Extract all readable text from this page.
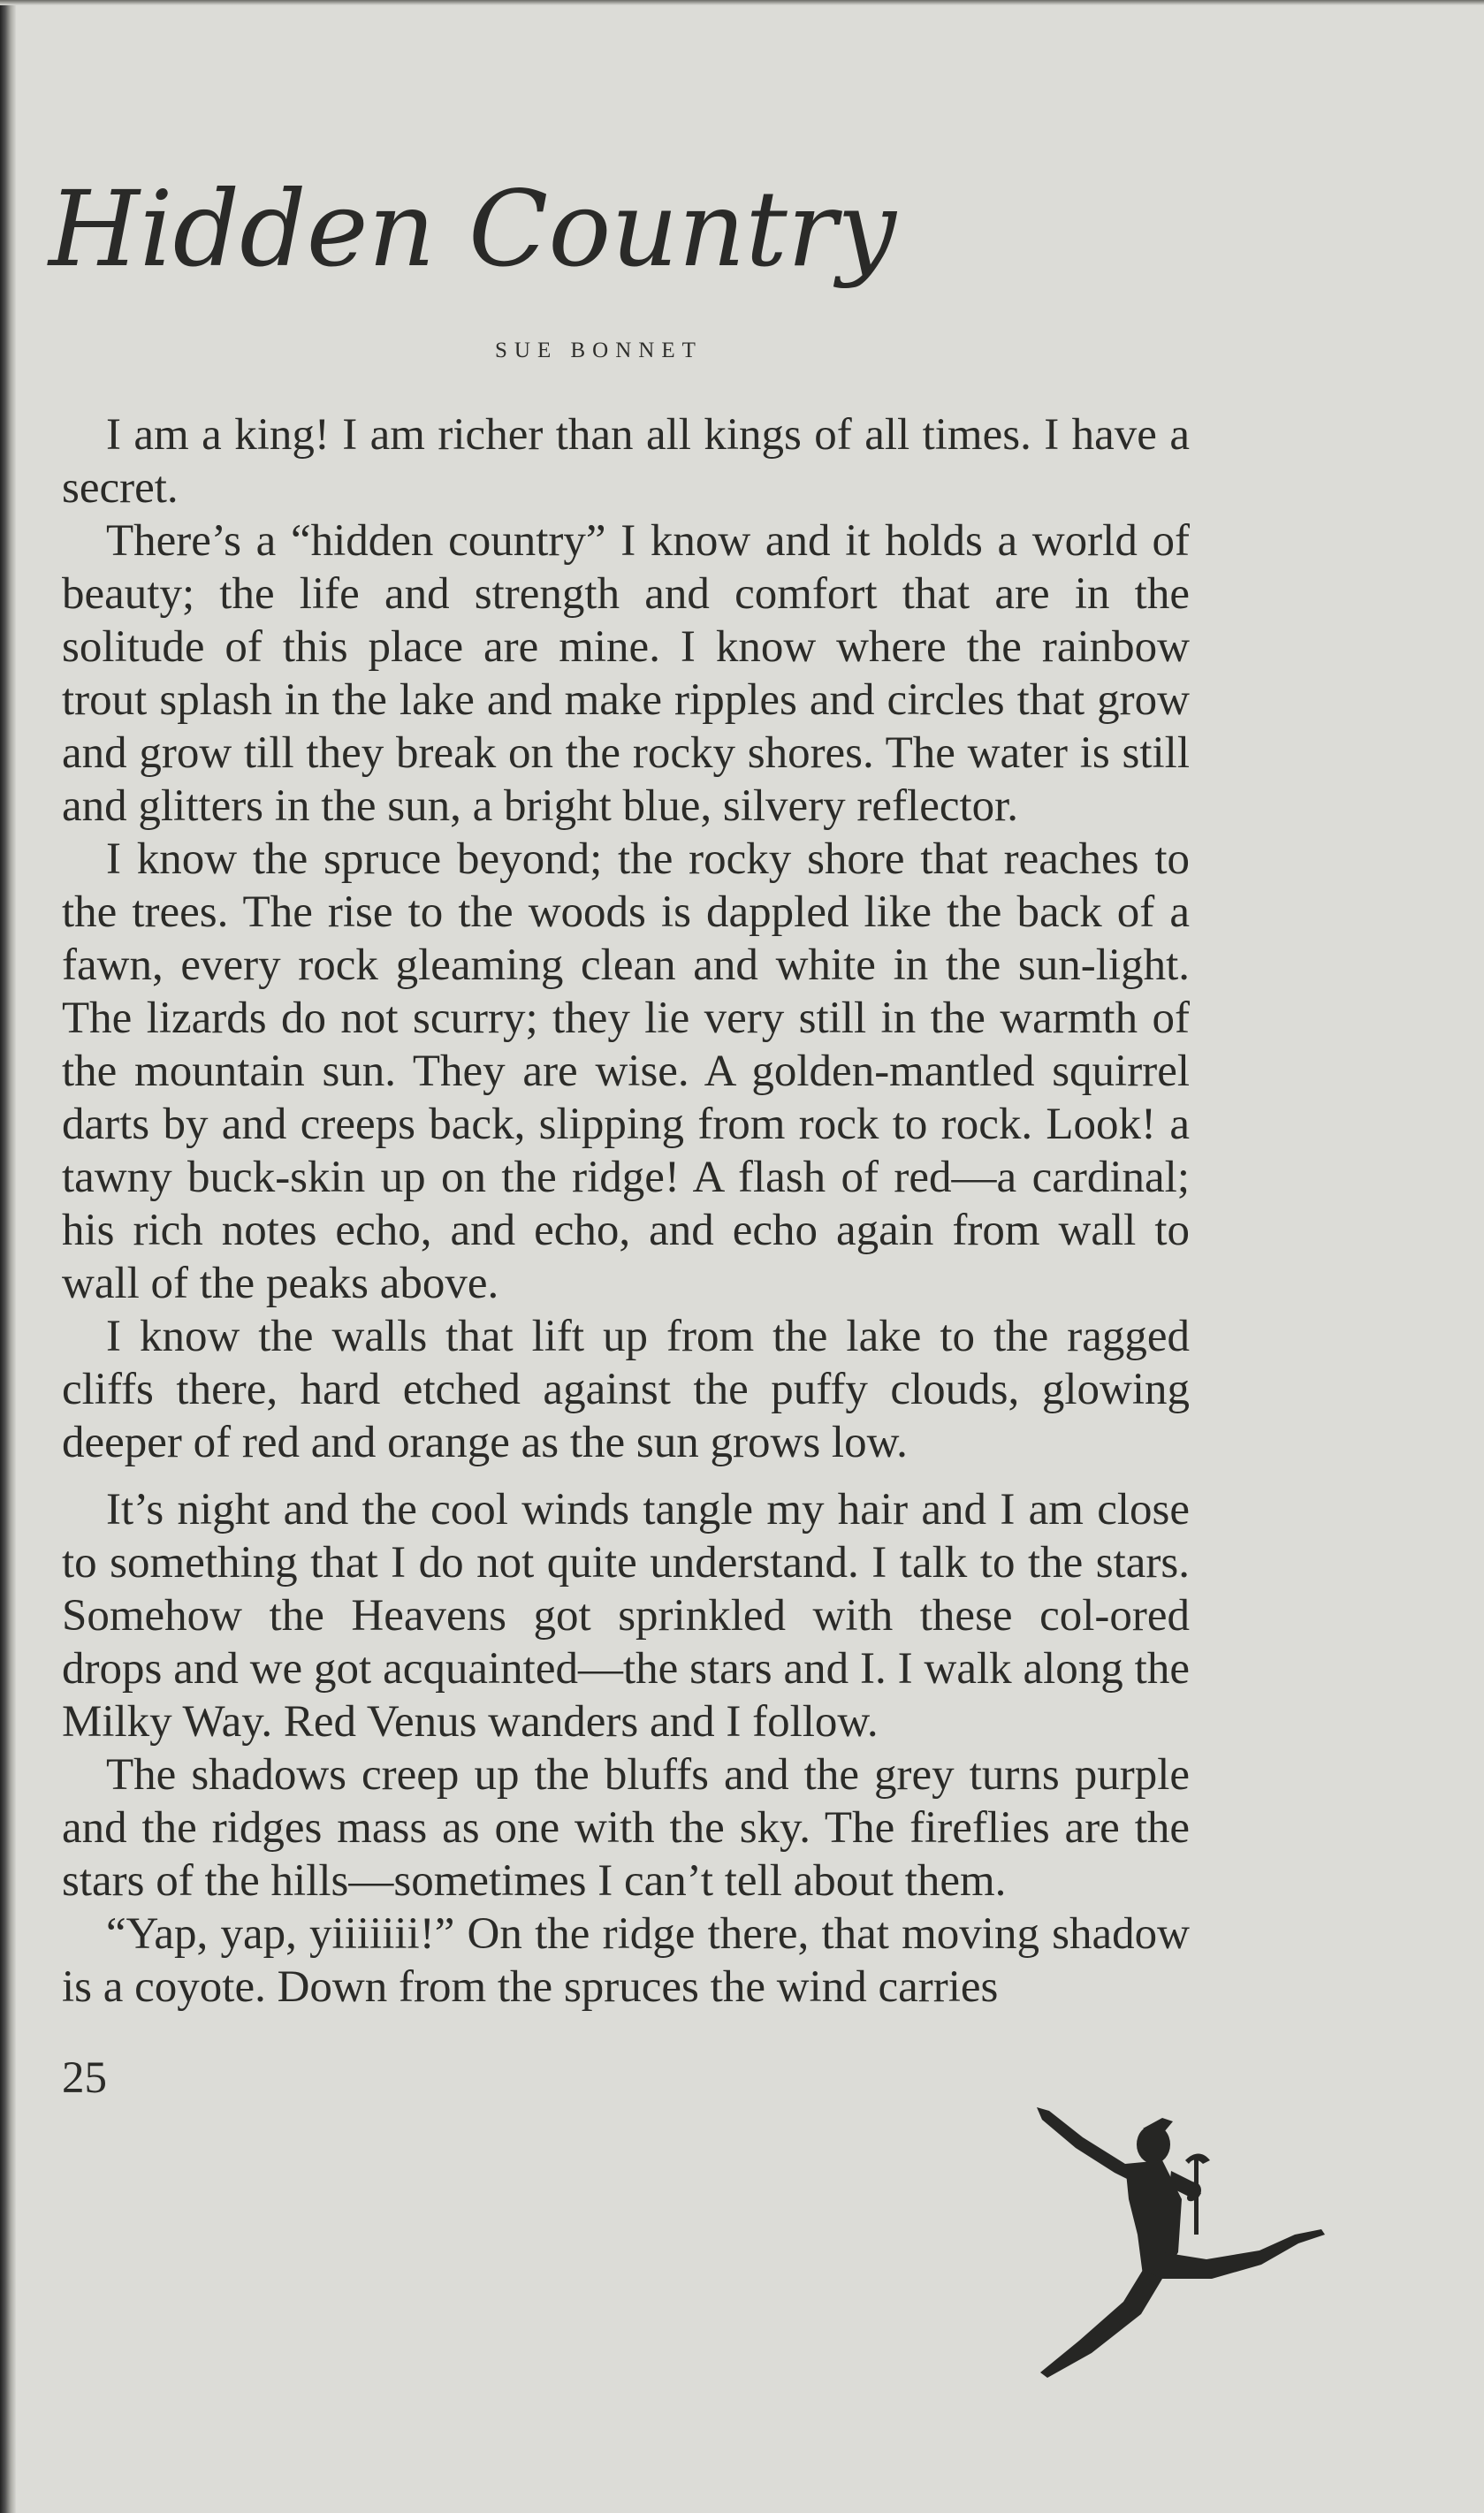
Hidden Country
SUE BONNET

I am a king! I am richer than all kings of all times. I have a secret.

There’s a “hidden country” I know and it holds a world of beauty; the life and strength and comfort that are in the solitude of this place are mine. I know where the rainbow trout splash in the lake and make ripples and circles that grow and grow till they break on the rocky shores. The water is still and glitters in the sun, a bright blue, silvery reflector.

I know the spruce beyond; the rocky shore that reaches to the trees. The rise to the woods is dappled like the back of a fawn, every rock gleaming clean and white in the sun-light. The lizards do not scurry; they lie very still in the warmth of the mountain sun. They are wise. A golden-mantled squirrel darts by and creeps back, slipping from rock to rock. Look! a tawny buck-skin up on the ridge! A flash of red—a cardinal; his rich notes echo, and echo, and echo again from wall to wall of the peaks above.

I know the walls that lift up from the lake to the ragged cliffs there, hard etched against the puffy clouds, glowing deeper of red and orange as the sun grows low.

It’s night and the cool winds tangle my hair and I am close to something that I do not quite understand. I talk to the stars. Somehow the Heavens got sprinkled with these col-ored drops and we got acquainted—the stars and I. I walk along the Milky Way. Red Venus wanders and I follow.

The shadows creep up the bluffs and the grey turns purple and the ridges mass as one with the sky. The fireflies are the stars of the hills—sometimes I can’t tell about them.

“Yap, yap, yiiiiiii!” On the ridge there, that moving shadow is a coyote. Down from the spruces the wind carries

25
